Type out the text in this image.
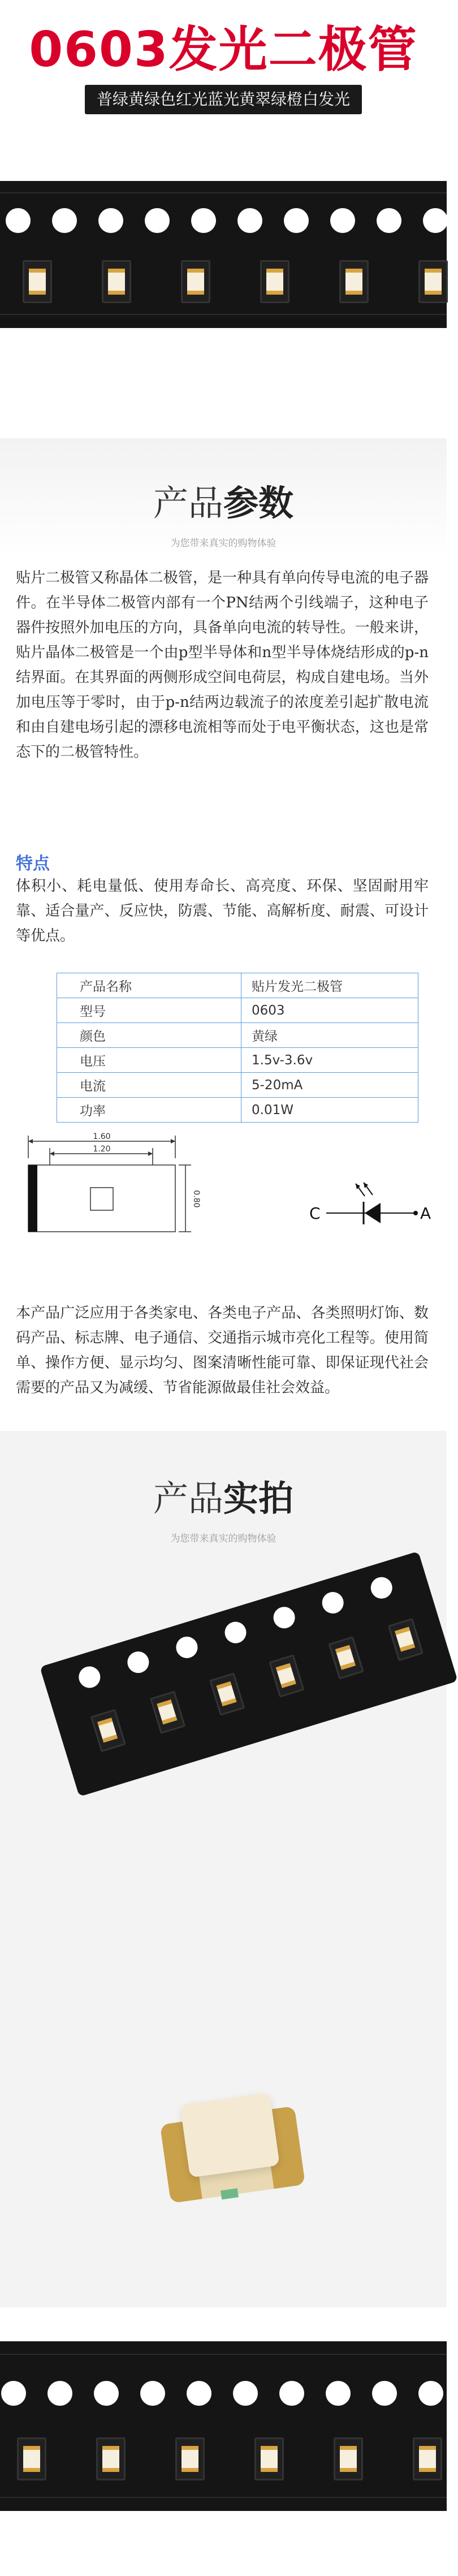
0603发光二极管
普绿黄绿色红光蓝光黄翠绿橙白发光
产品参数
为您带来真实的购物体验
贴片二极管又称晶体二极管，是一种具有单向传导电流的电子器件。在半导体二极管内部有一个PN结两个引线端子，这种电子器件按照外加电压的方向，具备单向电流的转导性。一般来讲，贴片晶体二极管是一个由p型半导体和n型半导体烧结形成的p-n结界面。在其界面的两侧形成空间电荷层，构成自建电场。当外加电压等于零时，由于p-n结两边载流子的浓度差引起扩散电流和由自建电场引起的漂移电流相等而处于电平衡状态，这也是常态下的二极管特性。
特点
体积小、耗电量低、使用寿命长、高亮度、环保、坚固耐用牢靠、适合量产、反应快，防震、节能、高解析度、耐震、可设计等优点。
产品名称	贴片发光二极管
型号	0603
颜色	黄绿
电压	1.5v-3.6v
电流	5-20mA
功率	0.01W
1.60
1.20
0.80
C	A
本产品广泛应用于各类家电、各类电子产品、各类照明灯饰、数码产品、标志牌、电子通信、交通指示城市亮化工程等。使用简单、操作方便、显示均匀、图案清晰性能可靠、即保证现代社会需要的产品又为减缓、节省能源做最佳社会效益。
产品实拍
为您带来真实的购物体验
